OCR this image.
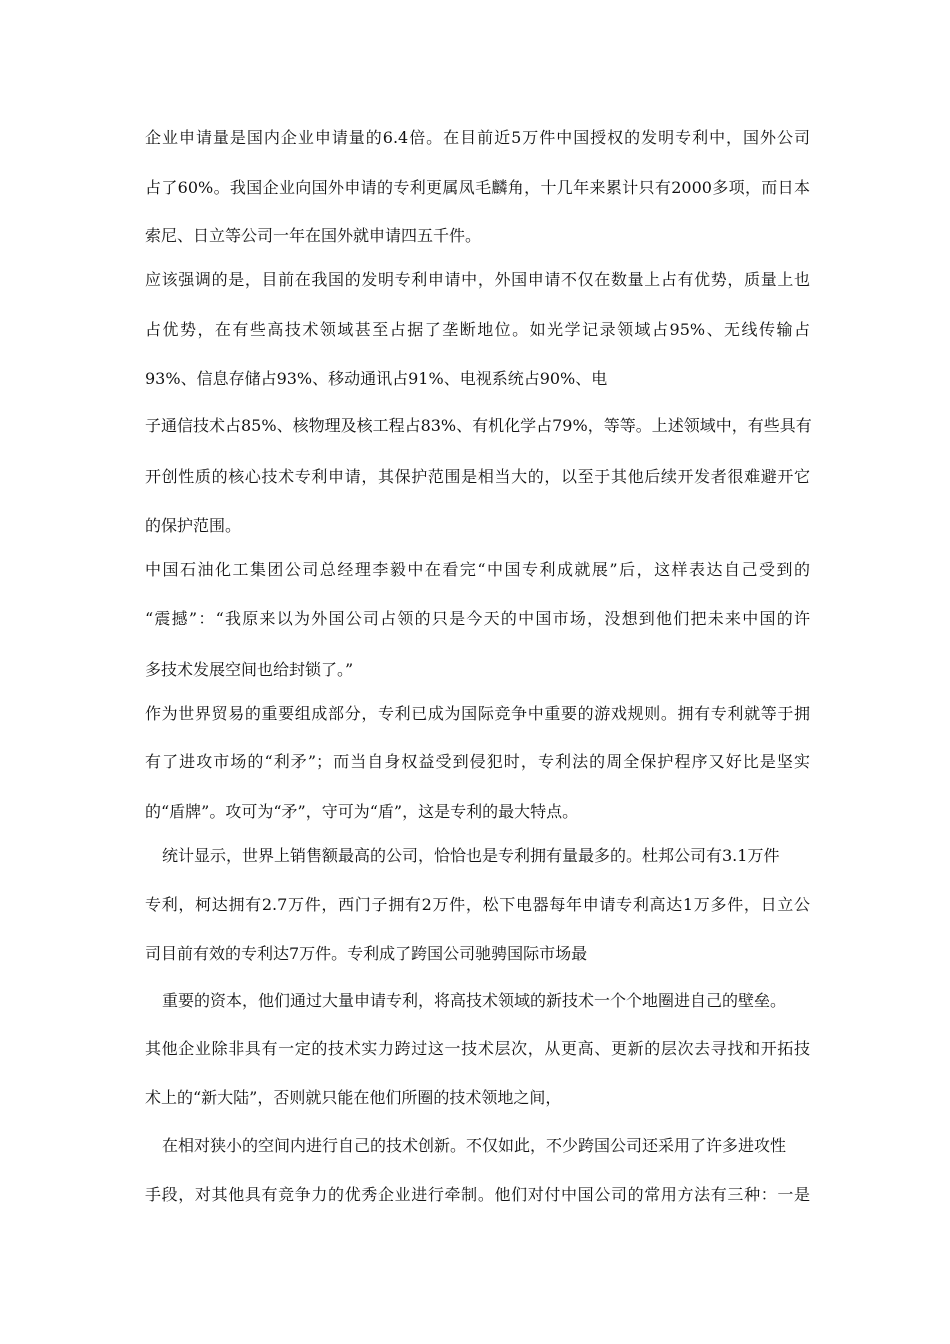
企业申请量是国内企业申请量的6.4倍。在目前近5万件中国授权的发明专利中，国外公司
占了60%。我国企业向国外申请的专利更属凤毛麟角，十几年来累计只有2000多项，而日本
索尼、日立等公司一年在国外就申请四五千件。
应该强调的是，目前在我国的发明专利申请中，外国申请不仅在数量上占有优势，质量上也
占优势，在有些高技术领域甚至占据了垄断地位。如光学记录领域占95%、无线传输占
93%、信息存储占93%、移动通讯占91%、电视系统占90%、电
子通信技术占85%、核物理及核工程占83%、有机化学占79%，等等。上述领域中，有些具有
开创性质的核心技术专利申请，其保护范围是相当大的，以至于其他后续开发者很难避开它
的保护范围。
中国石油化工集团公司总经理李毅中在看完“中国专利成就展”后，这样表达自己受到的
“震撼”：“我原来以为外国公司占领的只是今天的中国市场，没想到他们把未来中国的许
多技术发展空间也给封锁了。”
作为世界贸易的重要组成部分，专利已成为国际竞争中重要的游戏规则。拥有专利就等于拥
有了进攻市场的“利矛”；而当自身权益受到侵犯时，专利法的周全保护程序又好比是坚实
的“盾牌”。攻可为“矛”，守可为“盾”，这是专利的最大特点。
统计显示，世界上销售额最高的公司，恰恰也是专利拥有量最多的。杜邦公司有3.1万件
专利，柯达拥有2.7万件，西门子拥有2万件，松下电器每年申请专利高达1万多件，日立公
司目前有效的专利达7万件。专利成了跨国公司驰骋国际市场最
重要的资本，他们通过大量申请专利，将高技术领域的新技术一个个地圈进自己的壁垒。
其他企业除非具有一定的技术实力跨过这一技术层次，从更高、更新的层次去寻找和开拓技
术上的“新大陆”，否则就只能在他们所圈的技术领地之间，
在相对狭小的空间内进行自己的技术创新。不仅如此，不少跨国公司还采用了许多进攻性
手段，对其他具有竞争力的优秀企业进行牵制。他们对付中国公司的常用方法有三种：一是
